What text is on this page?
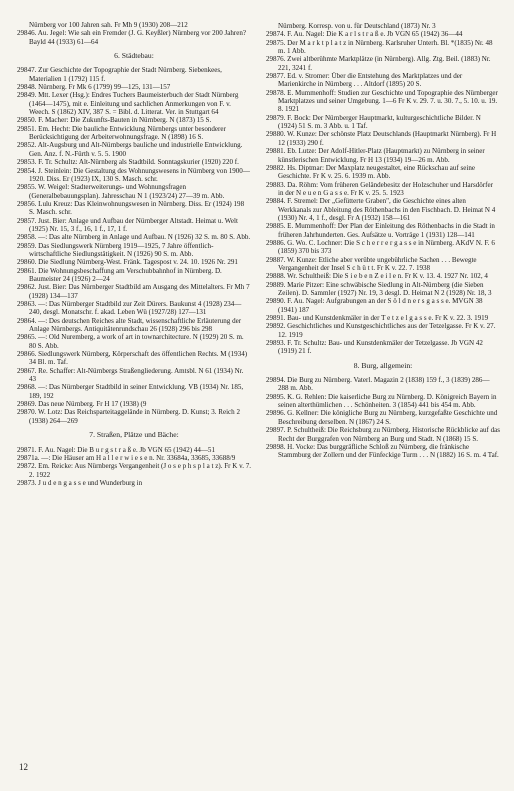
Nürnberg vor 100 Jahren sah. Fr Mh 9 (1930) 208—212

29846. Au. Jegel: Wie sah ein Fremder (J. G. Keyßler) Nürnberg vor 200 Jahren? Bayld 44 (1933) 61—64

6. Städtebau:

29847. Zur Geschichte der Topographie der Stadt Nürnberg. Siebenkees, Materialien 1 (1792) 115 f.

29848. Nürnberg. Fr Mk 6 (1799) 99—125, 131—157

29849. Mtt. Lexer (Hsg.): Endres Tuchers Baumeisterbuch der Stadt Nürnberg (1464—1475), mit e. Einleitung und sachlichen Anmerkungen von F. v. Weech. S (1862) XIV, 387 S. = Bibl. d. Litterat. Ver. in Stuttgart 64

29850. F. Macher: Die Zukunfts-Bauten in Nürnberg. N (1873) 15 S.

29851. Em. Hecht: Die bauliche Entwicklung Nürnbergs unter besonderer Berücksichtigung der Arbeiterwohnungsfrage. N (1898) 16 S.

29852. Alt-Augsburg und Alt-Nürnbergs bauliche und industrielle Entwicklung. Gen. Anz. f. N.-Fürth v. 5. 5. 1900

29853. F. Tr. Schultz: Alt-Nürnberg als Stadtbild. Sonntagskurier (1920) 220 f.

29854. J. Steinlein: Die Gestaltung des Wohnungswesens in Nürnberg von 1900—1920. Diss. Er (1923) IX, 130 S. Masch. schr.

29855. W. Weigel: Stadterweiterungs- und Wohnungsfragen (Generalbebauungsplan). Jahresschau N 1 (1923/24) 27—39 m. Abb.

29856. Lulu Kreuz: Das Kleinwohnungswesen in Nürnberg. Diss. Er (1924) 198 S. Masch. schr.

29857. Just. Bier: Anlage und Aufbau der Nürnberger Altstadt. Heimat u. Welt (1925) Nr. 15, 3 f., 16, 1 f., 17, 1 f.

29858. —: Das alte Nürnberg in Anlage und Aufbau. N (1926) 32 S. m. 80 S. Abb.

29859. Das Siedlungswerk Nürnberg 1919—1925, 7 Jahre öffentlich-wirtschaftliche Siedlungstätigkeit. N (1926) 90 S. m. Abb.

29860. Die Siedlung Nürnberg-West. Fränk. Tagespost v. 24. 10. 1926 Nr. 291

29861. Die Wohnungsbeschaffung am Verschubbahnhof in Nürnberg. D. Baumeister 24 (1926) 2—24

29862. Just. Bier: Das Nürnberger Stadtbild am Ausgang des Mittelalters. Fr Mh 7 (1928) 134—137

29863. —: Das Nürnberger Stadtbild zur Zeit Dürers. Baukunst 4 (1928) 234—240, desgl. Monatschr. f. akad. Leben Wü (1927/28) 127—131

29864. —: Des deutschen Reiches alte Stadt, wissenschaftliche Erläuterung der Anlage Nürnbergs. Antiquitätenrundschau 26 (1928) 296 bis 298

29865. —: Old Nuremberg, a work of art in townarchitecture. N (1929) 20 S. m. 80 S. Abb.

29866. Siedlungswerk Nürnberg, Körperschaft des öffentlichen Rechts. M (1934) 34 Bl. m. Taf.

29867. Re. Schaffer: Alt-Nürnbergs Straßengliederung. Amtsbl. N 61 (1934) Nr. 43

29868. —: Das Nürnberger Stadtbild in seiner Entwicklung. VB (1934) Nr. 185, 189, 192

29869. Das neue Nürnberg. Fr H 17 (1938) (9

29870. W. Lotz: Das Reichsparteitaggelände in Nürnberg. D. Kunst; 3. Reich 2 (1938) 264—269

7. Straßen, Plätze und Bäche:

29871. F. Au. Nagel: Die B u r g s t r a ß e. Jb VGN 65 (1942) 44—51

29871a. —: Die Häuser am H a l l e r w i e s e n. Nr. 33684a, 33685, 33688/9

29872. Em. Reicke: Aus Nürnbergs Vergangenheit (J o s e p h s p l a t z). Fr K v. 7. 2. 1922

29873. J u d e n g a s s e und Wunderburg in

Nürnberg. Korresp. von u. für Deutschland (1873) Nr. 3

29874. F. Au. Nagel: Die K a r l s t r a ß e. Jb VGN 65 (1942) 36—44

29875. Der M a r k t p l a t z in Nürnberg. Karlsruher Unterh. Bl. *(1835) Nr. 48 m. 1 Abb.

29876. Zwei altberühmte Marktplätze (in Nürnberg). Allg. Ztg. Beil. (1883) Nr. 221, 3241 f.

29877. Ed. v. Stromer: Über die Entstehung des Marktplatzes und der Marienkirche in Nürnberg . . . Altdorf (1895) 20 S.

29878. E. Mummenhoff: Studien zur Geschichte und Topographie des Nürnberger Marktplatzes und seiner Umgebung. 1—6 Fr K v. 29. 7. u. 30. 7., 5. 10. u. 19. 8. 1921

29879. F. Bock: Der Nürnberger Hauptmarkt, kulturgeschichtliche Bilder. N (1924) 51 S. m. 3 Abb. u. 1 Taf.

29880. W. Kunze: Der schönste Platz Deutschlands (Hauptmarkt Nürnberg). Fr H 12 (1933) 290 f.

29881. Eb. Lutze: Der Adolf-Hitler-Platz (Hauptmarkt) zu Nürnberg in seiner künstlerischen Entwicklung. Fr H 13 (1934) 19—26 m. Abb.

29882. Hs. Diptmar: Der Maxplatz neugestaltet, eine Rückschau auf seine Geschichte. Fr K v. 25. 6. 1939 m. Abb.

29883. Da. Röhm: Vom früheren Geländebesitz der Holzschuher und Harsdörfer in der N e u e n G a s s e. Fr K v. 25. 5. 1923

29884. F. Stremel: Der „Gefütterte Graben", die Geschichte eines alten Werkkanals zur Ableitung des Röthenbachs in den Fischbach. D. Heimat N 4 (1930) Nr. 4, 1 f., desgl. Fr A (1932) 158—161

29885. E. Mummenhoff: Der Plan der Einleitung des Röthenbachs in die Stadt in früheren Jahrhunderten. Ges. Aufsätze u. Vorträge 1 (1931) 128—141

29886. G. Wo. C. Lochner: Die S c h e r r e r g a s s e in Nürnberg. AKdV N. F. 6 (1859) 370 bis 373

29887. W. Kunze: Etliche aber verübte ungebührliche Sachen . . . Bewegte Vergangenheit der Insel S c h ü t t. Fr K v. 22. 7. 1938

29888. Wr. Schultheiß: Die S i e b e n Z e i l e n. Fr K v. 13. 4. 1927 Nr. 102, 4

29889. Marie Pitzer: Eine schwäbische Siedlung in Alt-Nürnberg (die Sieben Zeilen). D. Sammler (1927) Nr. 19, 3 desgl. D. Heimat N 2 (1928) Nr. 18, 3

29890. F. Au. Nagel: Aufgrabungen an der S ö l d n e r s g a s s e. MVGN 38 (1941) 187

29891. Bau- und Kunstdenkmäler in der T e t z e l g a s s e. Fr K v. 22. 3. 1919

29892. Geschichtliches und Kunstgeschichtliches aus der Tetzelgasse. Fr K v. 27. 12. 1919

29893. F. Tr. Schultz: Bau- und Kunstdenkmäler der Tetzelgasse. Jb VGN 42 (1919) 21 f.

8. Burg, allgemein:

29894. Die Burg zu Nürnberg. Vaterl. Magazin 2 (1838) 159 f., 3 (1839) 286—288 m. Abb.

29895. K. G. Rehlen: Die kaiserliche Burg zu Nürnberg. D. Königreich Bayern in seinen alterthümlichen . . . Schönheiten. 3 (1854) 441 bis 454 m. Abb.

29896. G. Kellner: Die königliche Burg zu Nürnberg, kurzgefaßte Geschichte und Beschreibung derselben. N (1867) 24 S.

29897. P. Schultheiß: Die Reichsburg zu Nürnberg. Historische Rückblicke auf das Recht der Burggrafen von Nürnberg an Burg und Stadt. N (1868) 15 S.

29898. H. Vocke: Das burggräfliche Schloß zu Nürnberg, die fränkische Stammburg der Zollern und der Fünfeckige Turm . . . N (1882) 16 S. m. 4 Taf.

12
